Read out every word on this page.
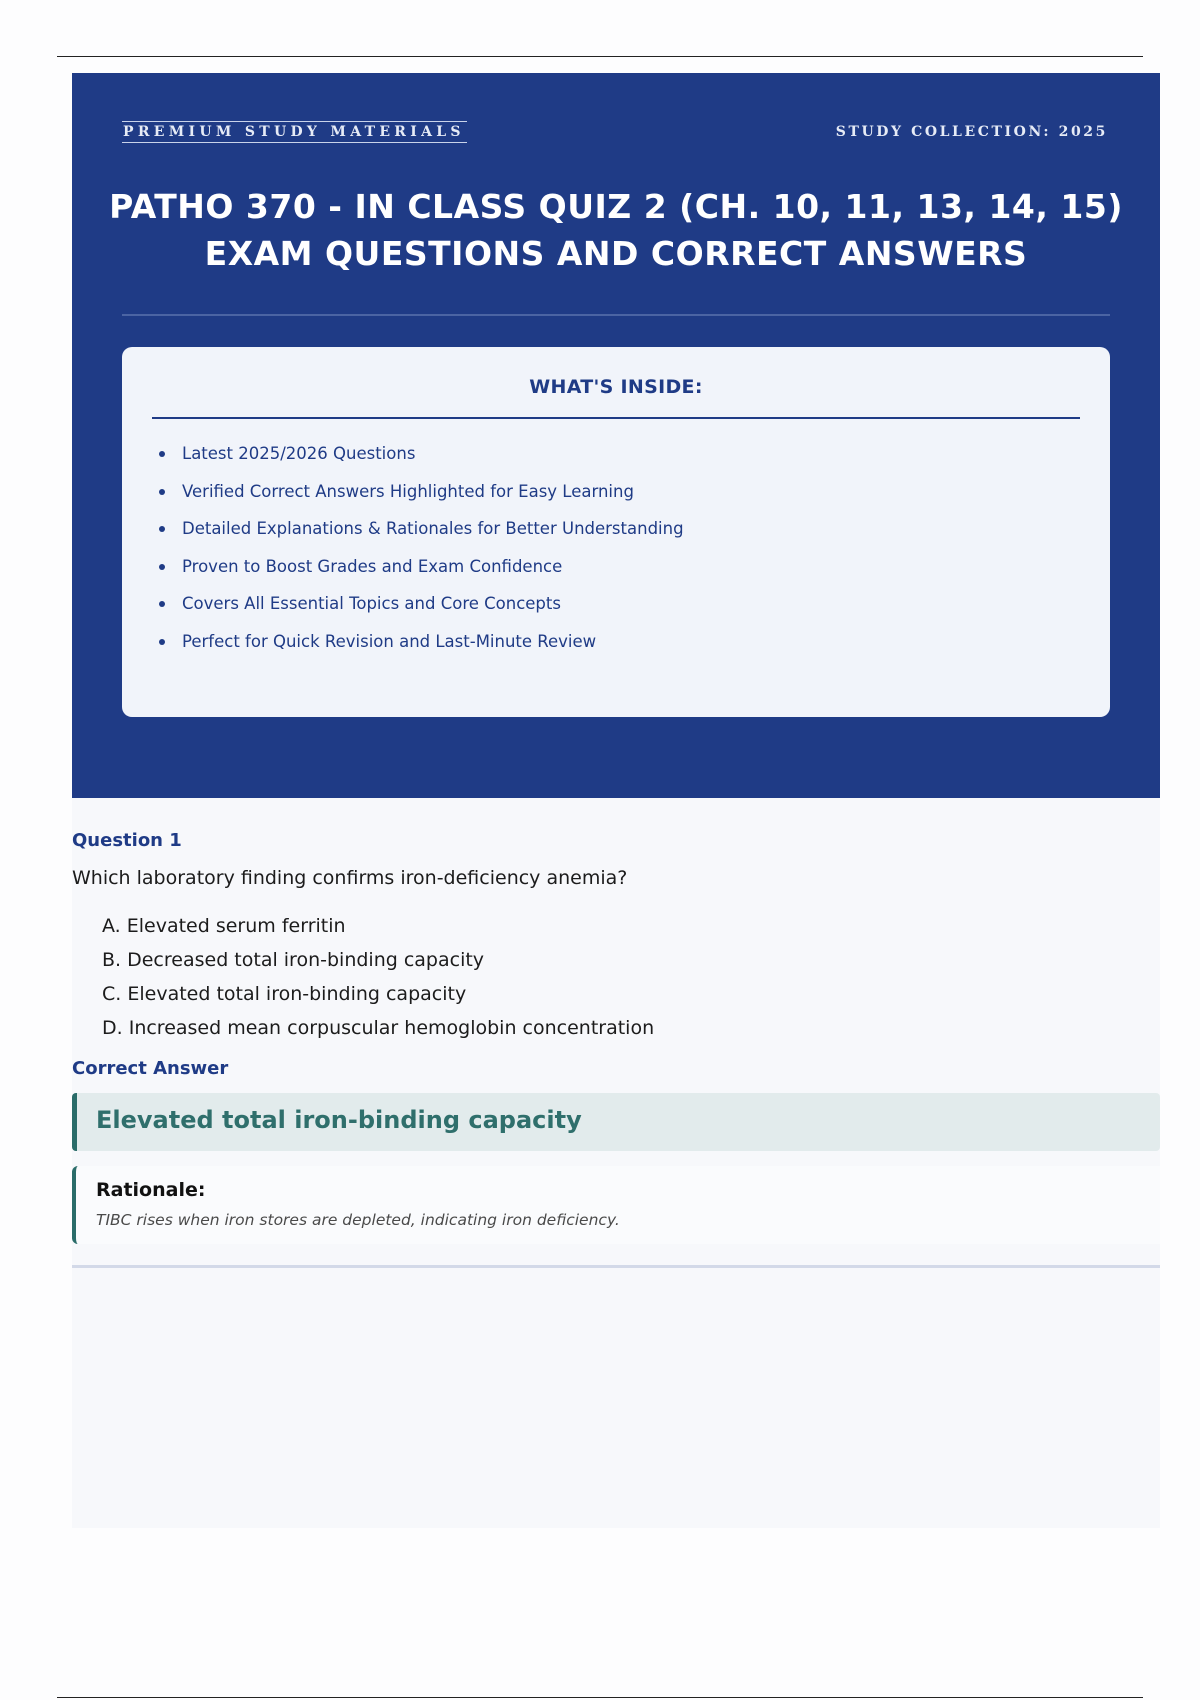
PREMIUM STUDY MATERIALS	STUDY COLLECTION: 2025
PATHO 370 - IN CLASS QUIZ 2 (CH. 10, 11, 13, 14, 15)
EXAM QUESTIONS AND CORRECT ANSWERS
WHAT'S INSIDE:
Latest 2025/2026 Questions
Verified Correct Answers Highlighted for Easy Learning
Detailed Explanations & Rationales for Better Understanding
Proven to Boost Grades and Exam Confidence
Covers All Essential Topics and Core Concepts
Perfect for Quick Revision and Last-Minute Review
Question 1
Which laboratory finding confirms iron-deficiency anemia?
A. Elevated serum ferritin
B. Decreased total iron-binding capacity
C. Elevated total iron-binding capacity
D. Increased mean corpuscular hemoglobin concentration
Correct Answer
Elevated total iron-binding capacity
Rationale:
TIBC rises when iron stores are depleted, indicating iron deficiency.
